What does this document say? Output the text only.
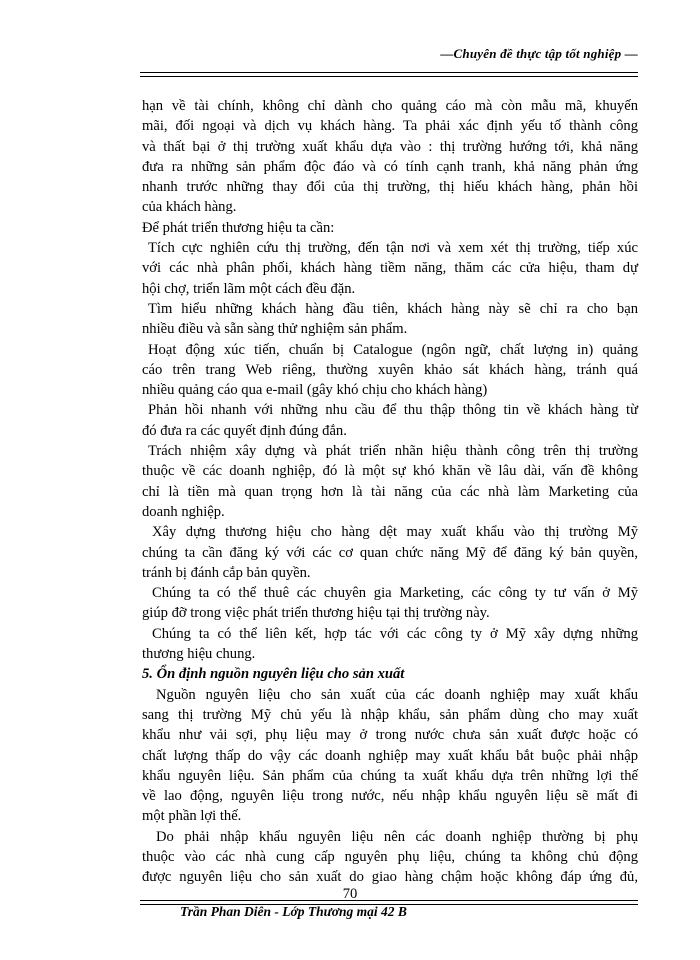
—Chuyên đề thực tập tốt nghiệp —
hạn về tài chính, không chỉ dành cho quảng cáo mà còn mẫu mã, khuyến
mãi, đối ngoại và dịch vụ khách hàng. Ta phải xác định yếu tố thành công
và thất bại ở thị trường xuất khẩu dựa vào : thị trường hướng tới, khả năng
đưa ra những sản phẩm độc đáo và có tính cạnh tranh, khả năng phản ứng
nhanh trước những thay đổi của thị trường, thị hiếu khách hàng, phản hồi
của khách hàng.
Để phát triển thương hiệu ta cần:
Tích cực nghiên cứu thị trường, đến tận nơi và xem xét thị trường, tiếp xúc
với các nhà phân phối, khách hàng tiềm năng, thăm các cửa hiệu, tham dự
hội chợ, triển lãm một cách đều đặn.
Tìm hiểu những khách hàng đầu tiên, khách hàng này sẽ chỉ ra cho bạn
nhiều điều và sẵn sàng thử nghiệm sản phẩm.
Hoạt động xúc tiến, chuẩn bị Catalogue (ngôn ngữ, chất lượng in) quảng
cáo trên trang Web riêng, thường xuyên khảo sát khách hàng, tránh quá
nhiều quảng cáo qua e-mail (gây khó chịu cho khách hàng)
Phản hồi nhanh với những nhu cầu để thu thập thông tin về khách hàng từ
đó đưa ra các quyết định đúng đắn.
Trách nhiệm xây dựng và phát triển nhãn hiệu thành công trên thị trường
thuộc về các doanh nghiệp, đó là một sự khó khăn về lâu dài, vấn đề không
chỉ là tiền mà quan trọng hơn là tài năng của các nhà làm Marketing của
doanh nghiệp.
Xây dựng thương hiệu cho hàng dệt may xuất khẩu vào thị trường Mỹ
chúng ta cần đăng ký với các cơ quan chức năng Mỹ để đăng ký bản quyền,
tránh bị đánh cắp bản quyền.
Chúng ta có thể thuê các chuyên gia Marketing, các công ty tư vấn ở Mỹ
giúp đỡ trong việc phát triển thương hiệu tại thị trường này.
Chúng ta có thể liên kết, hợp tác với các công ty ở Mỹ xây dựng những
thương hiệu chung.
5. Ổn định nguồn nguyên liệu cho sản xuất
Nguồn nguyên liệu cho sản xuất của các doanh nghiệp may xuất khẩu
sang thị trường Mỹ chủ yếu là nhập khẩu, sản phẩm dùng cho may xuất
khẩu như vải sợi, phụ liệu may ở trong nước chưa sản xuất được hoặc có
chất lượng thấp do vậy các doanh nghiệp may xuất khẩu bắt buộc phải nhập
khẩu nguyên liệu. Sản phẩm của chúng ta xuất khẩu dựa trên những lợi thế
về lao động, nguyên liệu trong nước, nếu nhập khẩu nguyên liệu sẽ mất đi
một phần lợi thế.
Do phải nhập khẩu nguyên liệu nên các doanh nghiệp thường bị phụ
thuộc vào các nhà cung cấp nguyên phụ liệu, chúng ta không chủ động
được nguyên liệu cho sản xuất do giao hàng chậm hoặc không đáp ứng đủ,
70
Trần Phan Diên - Lớp Thương mại 42 B
